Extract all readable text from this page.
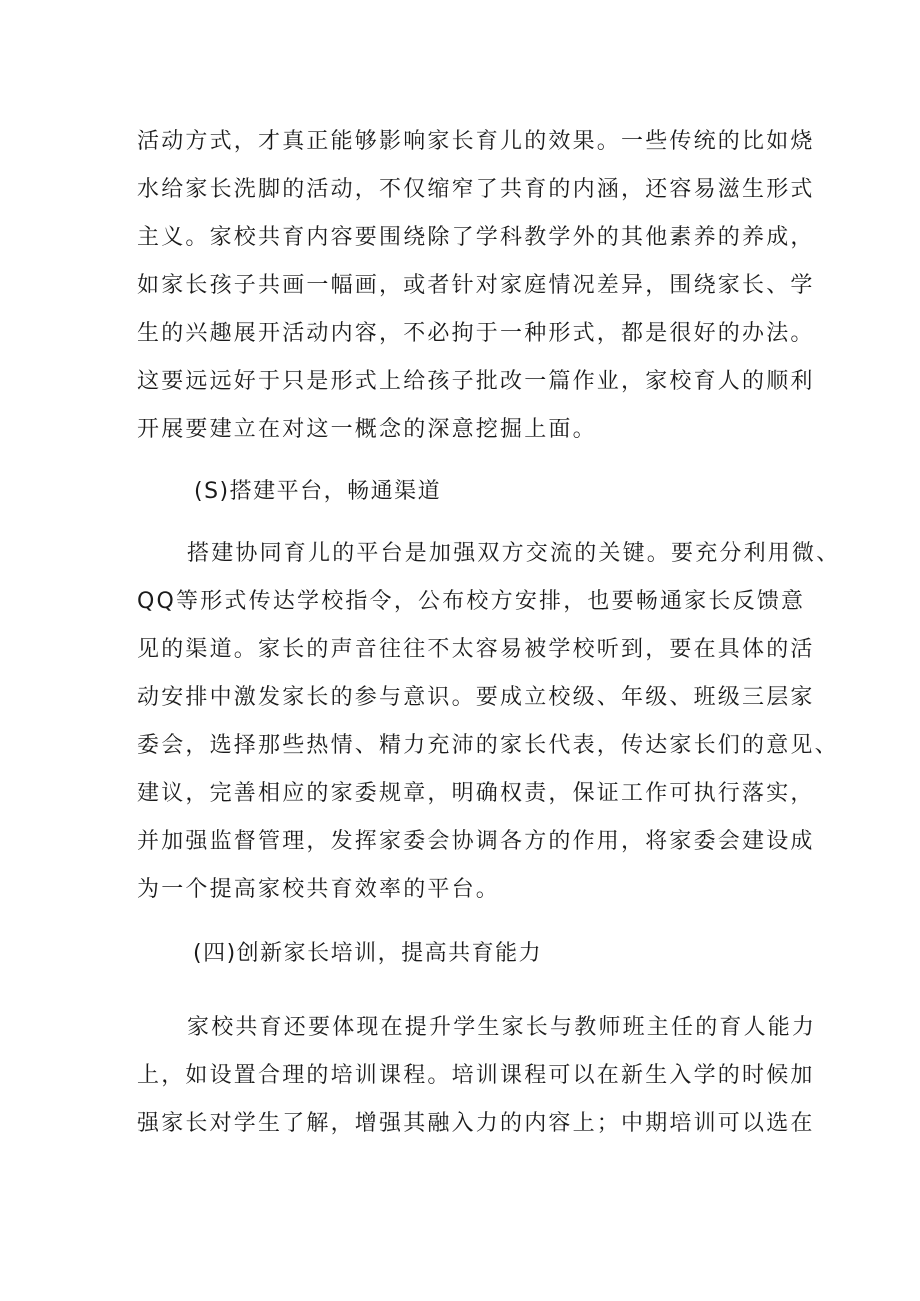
活动方式，才真正能够影响家长育儿的效果。一些传统的比如烧
水给家长洗脚的活动，不仅缩窄了共育的内涵，还容易滋生形式
主义。家校共育内容要围绕除了学科教学外的其他素养的养成，
如家长孩子共画一幅画，或者针对家庭情况差异，围绕家长、学
生的兴趣展开活动内容，不必拘于一种形式，都是很好的办法。
这要远远好于只是形式上给孩子批改一篇作业，家校育人的顺利
开展要建立在对这一概念的深意挖掘上面。
(S)搭建平台，畅通渠道
搭建协同育儿的平台是加强双方交流的关键。要充分利用微、
QQ等形式传达学校指令，公布校方安排，也要畅通家长反馈意
见的渠道。家长的声音往往不太容易被学校听到，要在具体的活
动安排中激发家长的参与意识。要成立校级、年级、班级三层家
委会，选择那些热情、精力充沛的家长代表，传达家长们的意见、
建议，完善相应的家委规章，明确权责，保证工作可执行落实，
并加强监督管理，发挥家委会协调各方的作用，将家委会建设成
为一个提高家校共育效率的平台。
(四)创新家长培训，提高共育能力
家校共育还要体现在提升学生家长与教师班主任的育人能力
上，如设置合理的培训课程。培训课程可以在新生入学的时候加
强家长对学生了解，增强其融入力的内容上；中期培训可以选在
